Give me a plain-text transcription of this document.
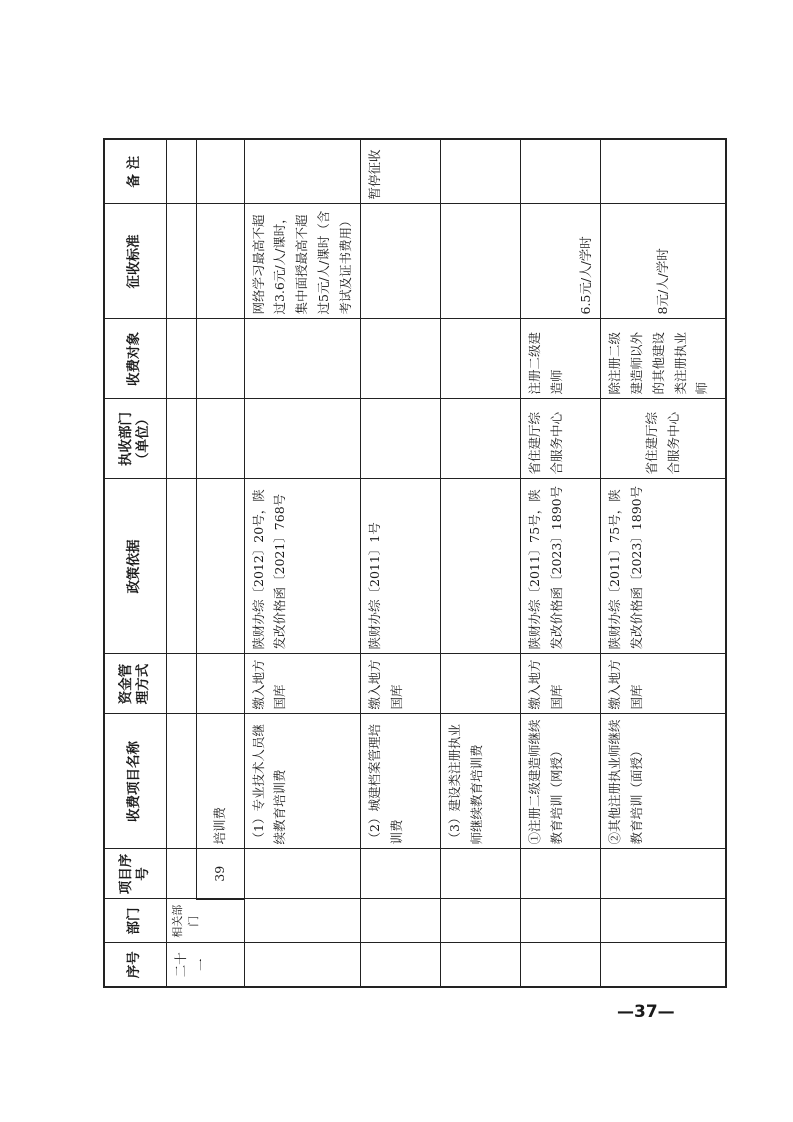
序号	部门	项目序号	收费项目名称	资金管理方式	政策依据	执收部门（单位）	收费对象	征收标准	备 注
二十一	相关部门								
		39	培训费						
			（1）专业技术人员继续教育培训费	缴入地方国库	陕财办综〔2012〕20号，陕发改价格函〔2021〕768号			网络学习最高不超过3.6元/人/课时，集中面授最高不超过5元/人/课时（含考试及证书费用）	
			（2）城建档案管理培训费	缴入地方国库	陕财办综〔2011〕1号				暂停征收
			（3）建设类注册执业师继续教育培训费						
			①注册二级建造师继续教育培训（网授）	缴入地方国库	陕财办综〔2011〕75号，陕发改价格函〔2023〕1890号	省住建厅综合服务中心	注册二级建造师	6.5元/人/学时	
			②其他注册执业师继续教育培训（面授）	缴入地方国库	陕财办综〔2011〕75号，陕发改价格函〔2023〕1890号	省住建厅综合服务中心	除注册二级建造师以外的其他建设类注册执业师	8元/人/学时	
—37—
